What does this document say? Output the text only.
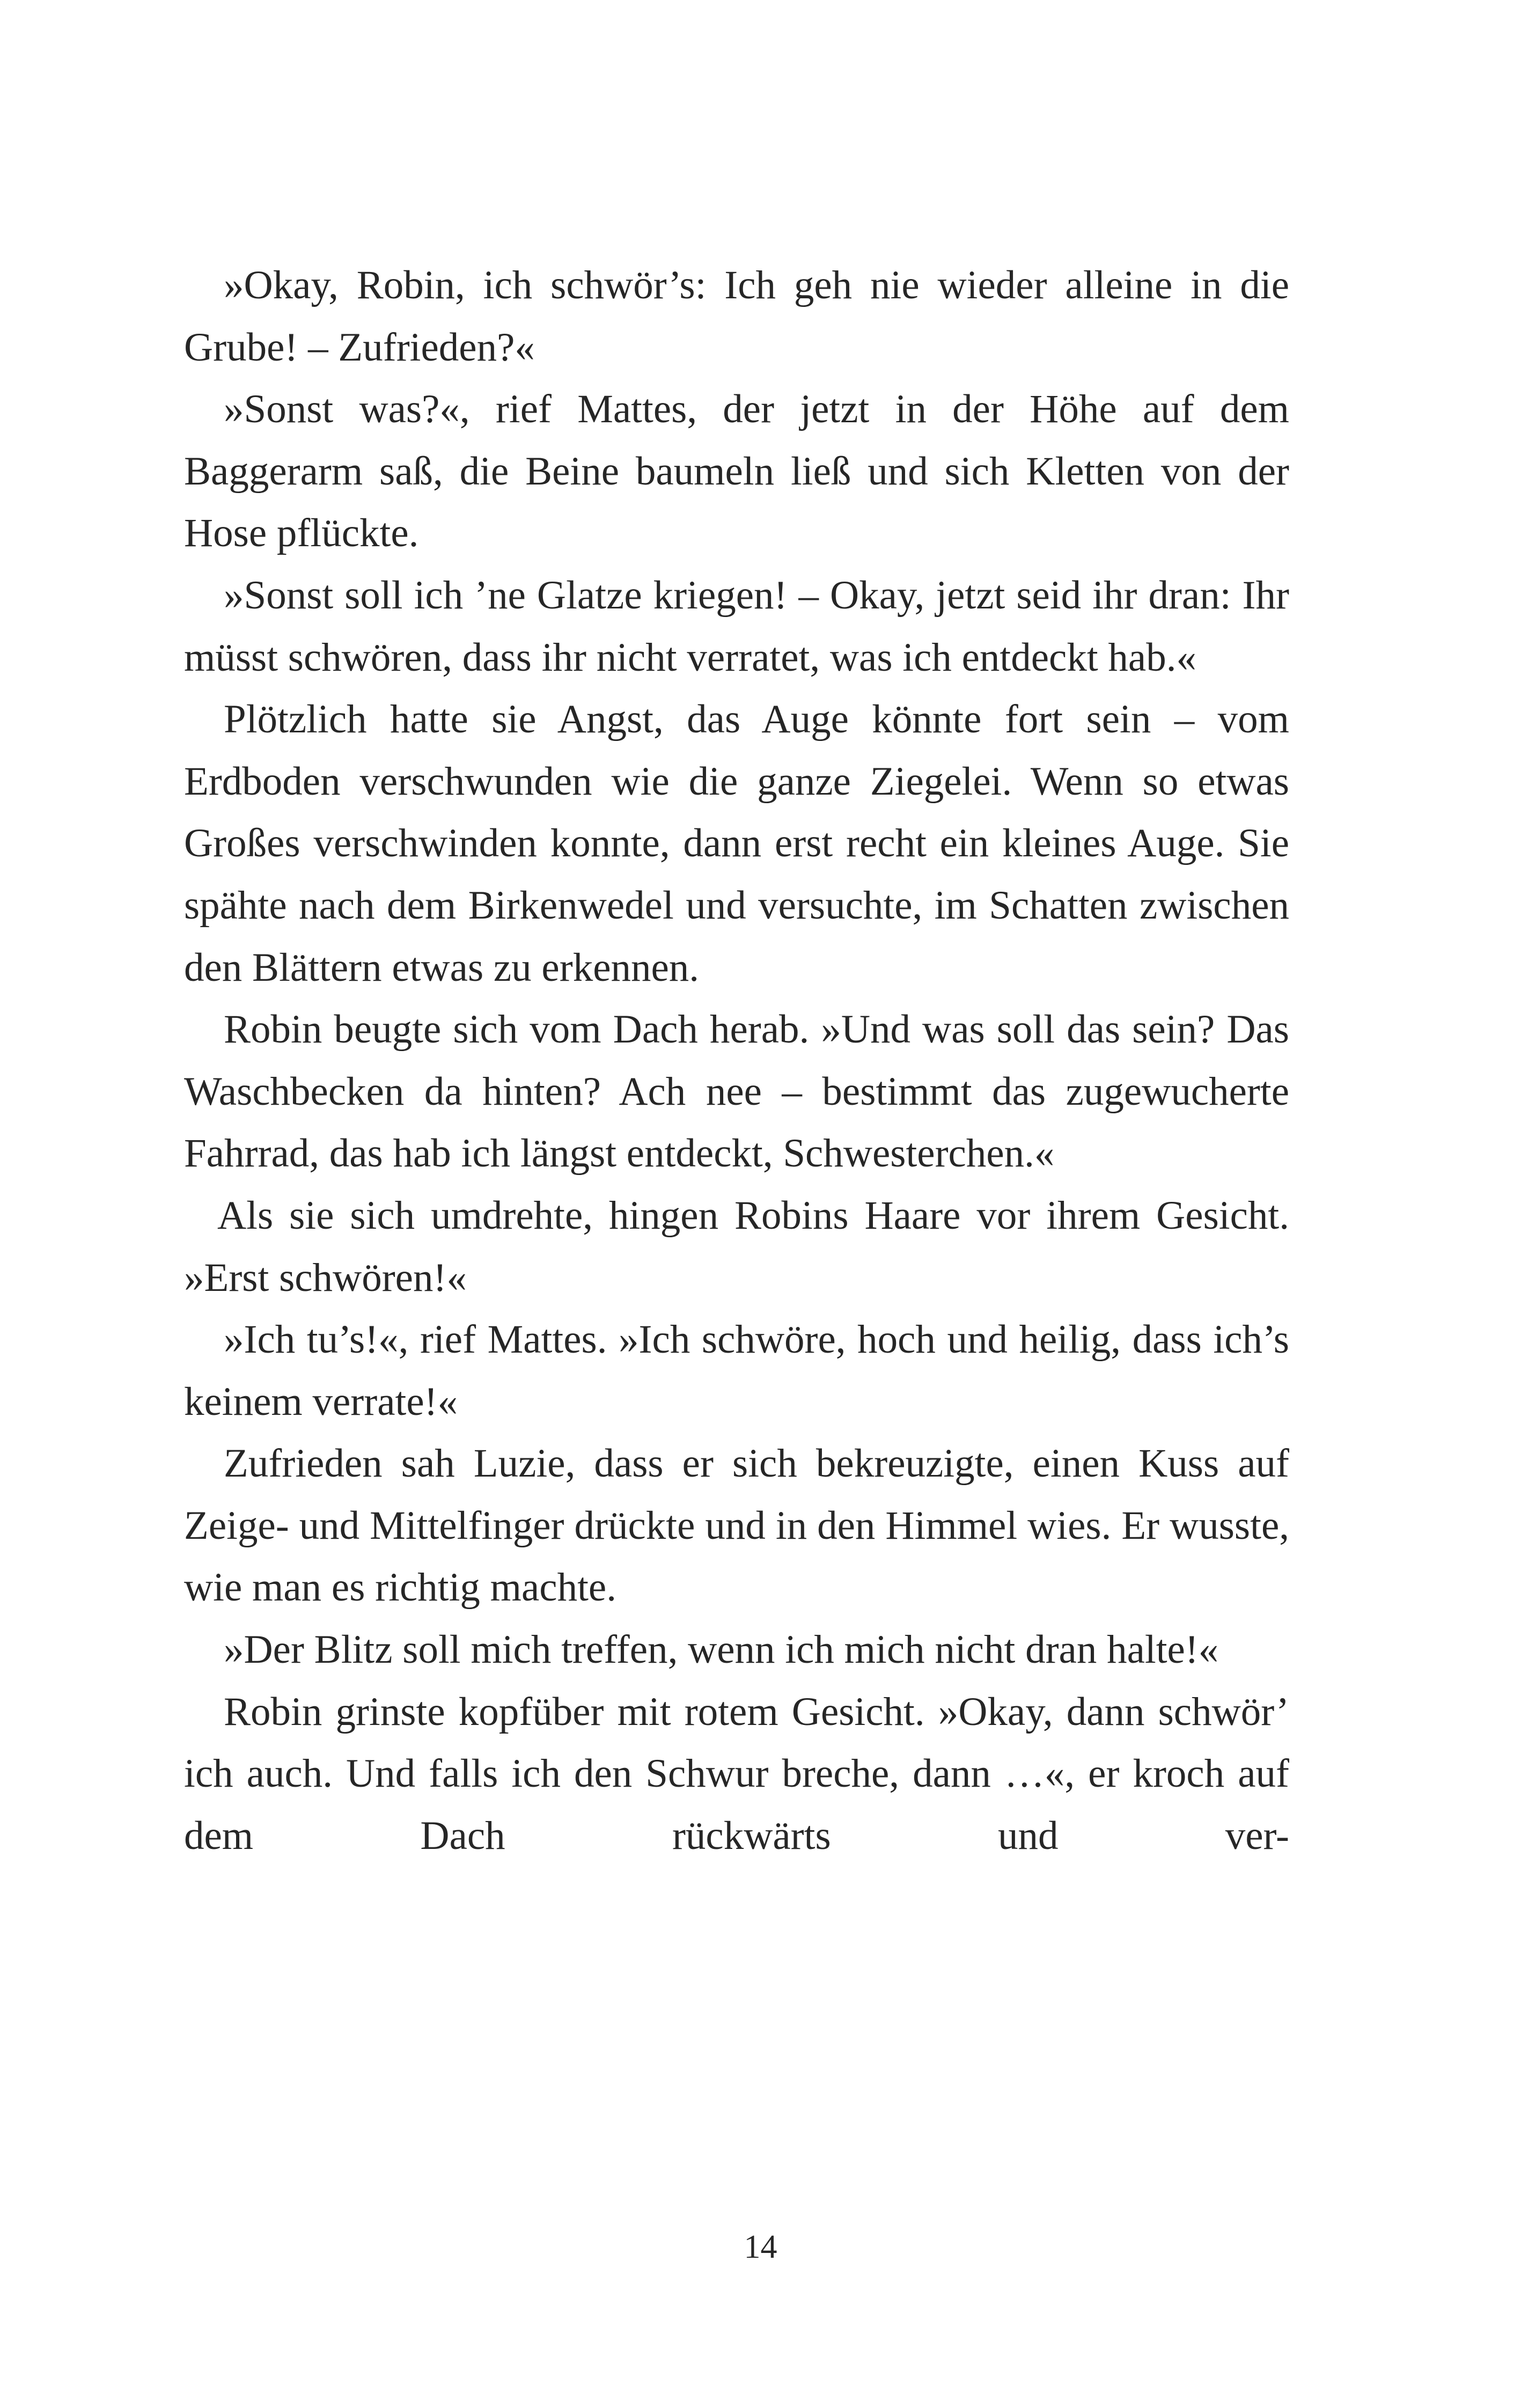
»Okay, Robin, ich schwör’s: Ich geh nie wieder alleine in die Grube! – Zufrieden?«

»Sonst was?«, rief Mattes, der jetzt in der Höhe auf dem Baggerarm saß, die Beine baumeln ließ und sich Kletten von der Hose pflückte.

»Sonst soll ich ’ne Glatze kriegen! – Okay, jetzt seid ihr dran: Ihr müsst schwören, dass ihr nicht verratet, was ich entdeckt hab.«

Plötzlich hatte sie Angst, das Auge könnte fort sein – vom Erdboden verschwunden wie die ganze Ziegelei. Wenn so etwas Großes verschwinden konnte, dann erst recht ein kleines Auge. Sie spähte nach dem Birkenwedel und versuchte, im Schatten zwischen den Blättern etwas zu erkennen.

Robin beugte sich vom Dach herab. »Und was soll das sein? Das Waschbecken da hinten? Ach nee – bestimmt das zugewucherte Fahrrad, das hab ich längst entdeckt, Schwesterchen.«

Als sie sich umdrehte, hingen Robins Haare vor ihrem Gesicht. »Erst schwören!«

»Ich tu’s!«, rief Mattes. »Ich schwöre, hoch und heilig, dass ich’s keinem verrate!«

Zufrieden sah Luzie, dass er sich bekreuzigte, einen Kuss auf Zeige- und Mittelfinger drückte und in den Himmel wies. Er wusste, wie man es richtig machte.

»Der Blitz soll mich treffen, wenn ich mich nicht dran halte!«

Robin grinste kopfüber mit rotem Gesicht. »Okay, dann schwör’ ich auch. Und falls ich den Schwur breche, dann …«, er kroch auf dem Dach rückwärts und ver-

14
